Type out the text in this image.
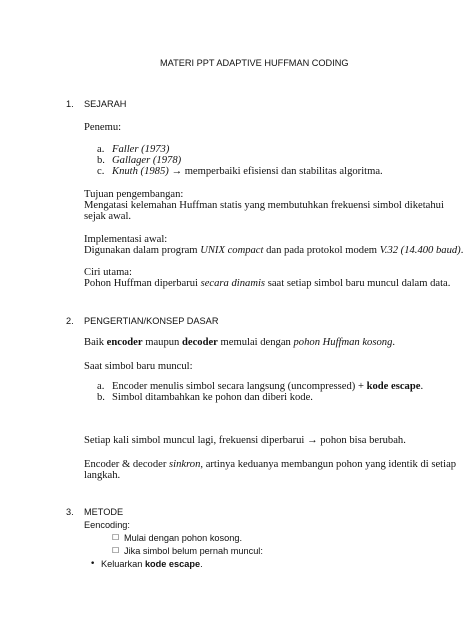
MATERI PPT ADAPTIVE HUFFMAN CODING
1. SEJARAH
Penemu:
a. Faller (1973)
b. Gallager (1978)
c. Knuth (1985) → memperbaiki efisiensi dan stabilitas algoritma.
Tujuan pengembangan:
Mengatasi kelemahan Huffman statis yang membutuhkan frekuensi simbol diketahui
sejak awal.
Implementasi awal:
Digunakan dalam program UNIX compact dan pada protokol modem V.32 (14.400 baud).
Ciri utama:
Pohon Huffman diperbarui secara dinamis saat setiap simbol baru muncul dalam data.
2. PENGERTIAN/KONSEP DASAR
Baik encoder maupun decoder memulai dengan pohon Huffman kosong.
Saat simbol baru muncul:
a. Encoder menulis simbol secara langsung (uncompressed) + kode escape.
b. Simbol ditambahkan ke pohon dan diberi kode.
Setiap kali simbol muncul lagi, frekuensi diperbarui → pohon bisa berubah.
Encoder & decoder sinkron, artinya keduanya membangun pohon yang identik di setiap
langkah.
3. METODE
Eencoding:
☐ Mulai dengan pohon kosong.
☐ Jika simbol belum pernah muncul:
• Keluarkan kode escape.
